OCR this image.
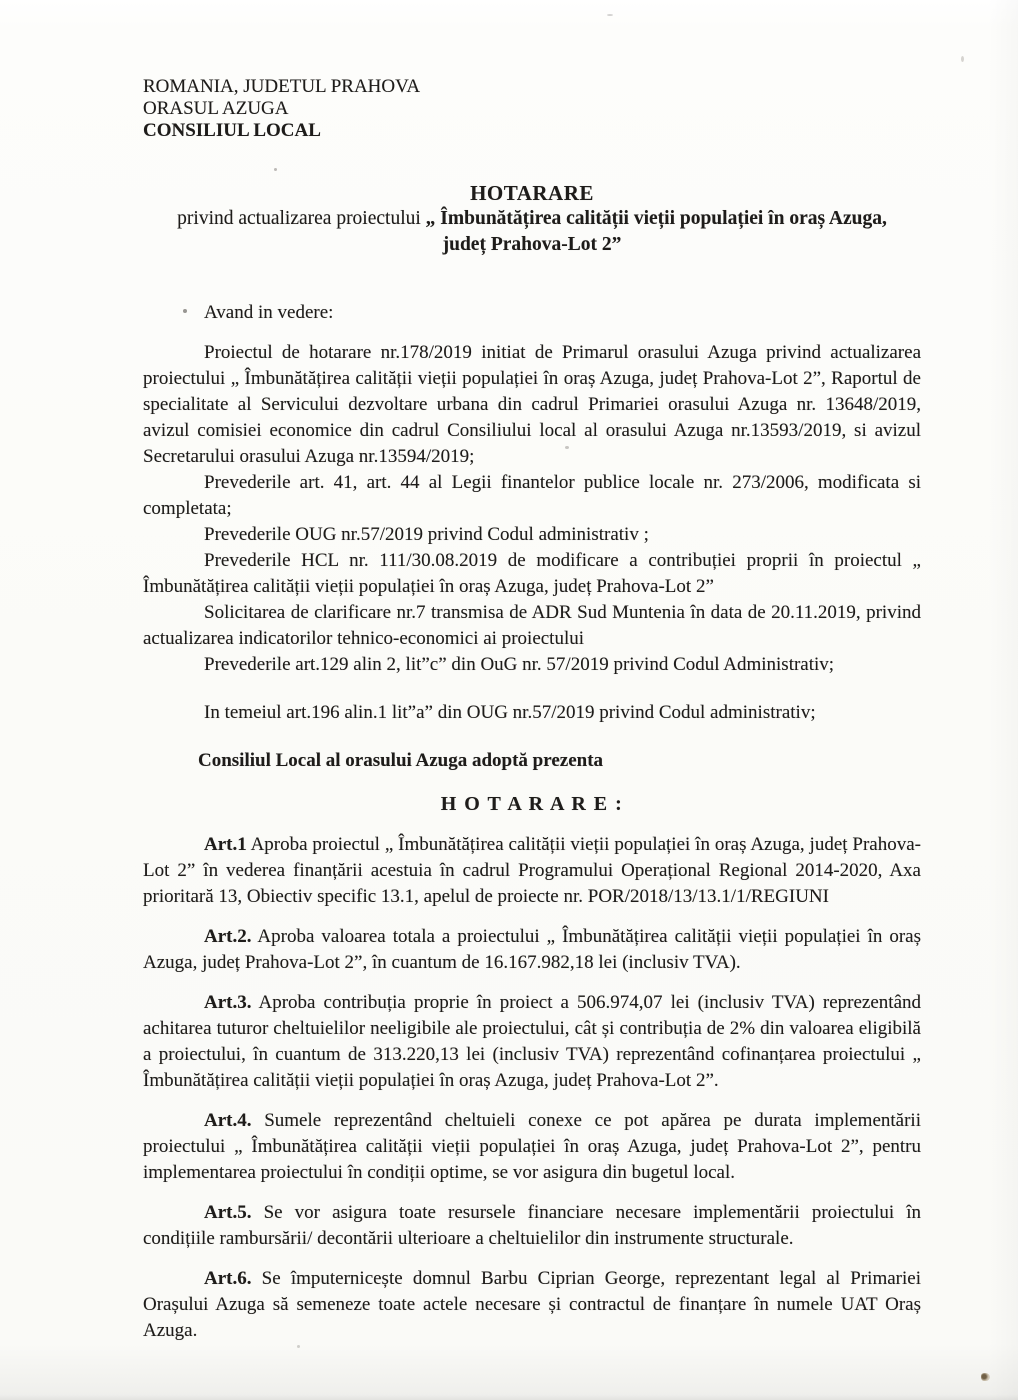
ROMANIA, JUDETUL PRAHOVA

ORASUL AZUGA

CONSILIUL LOCAL

HOTARARE

privind actualizarea proiectului „ Îmbunătățirea calității vieții populației în oraș Azuga,

județ Prahova-Lot 2”

Avand in vedere:

Proiectul de hotarare nr.178/2019 initiat de Primarul orasului Azuga privind actualizarea proiectului „ Îmbunătățirea calității vieții populației în oraș Azuga, județ Prahova-Lot 2”, Raportul de specialitate al Servicului dezvoltare urbana din cadrul Primariei orasului Azuga nr. 13648/2019, avizul comisiei economice din cadrul Consiliului local al orasului Azuga nr.13593/2019, si avizul Secretarului orasului Azuga nr.13594/2019;

Prevederile art. 41, art. 44 al Legii finantelor publice locale nr. 273/2006, modificata si completata;

Prevederile OUG nr.57/2019 privind Codul administrativ ;

Prevederile HCL nr. 111/30.08.2019 de modificare a contribuției proprii în proiectul „ Îmbunătățirea calității vieții populației în oraș Azuga, județ Prahova-Lot 2”

Solicitarea de clarificare nr.7 transmisa de ADR Sud Muntenia în data de 20.11.2019, privind actualizarea indicatorilor tehnico-economici ai proiectului

Prevederile art.129 alin 2, lit”c” din OuG nr. 57/2019 privind Codul Administrativ;

In temeiul art.196 alin.1 lit”a” din OUG nr.57/2019 privind Codul administrativ;

Consiliul Local al orasului Azuga adoptă prezenta

H O T A R A R E :

Art.1 Aproba proiectul „ Îmbunătățirea calității vieții populației în oraș Azuga, județ Prahova-Lot 2” în vederea finanțării acestuia în cadrul Programului Operațional Regional 2014-2020, Axa prioritară 13, Obiectiv specific 13.1, apelul de proiecte nr. POR/2018/13/13.1/1/REGIUNI

Art.2. Aproba valoarea totala a proiectului „ Îmbunătățirea calității vieții populației în oraș Azuga, județ Prahova-Lot 2”, în cuantum de 16.167.982,18 lei (inclusiv TVA).

Art.3. Aproba contribuția proprie în proiect a 506.974,07 lei (inclusiv TVA) reprezentând achitarea tuturor cheltuielilor neeligibile ale proiectului, cât și contribuția de 2% din valoarea eligibilă a proiectului, în cuantum de 313.220,13 lei (inclusiv TVA) reprezentând cofinanțarea proiectului „ Îmbunătățirea calității vieții populației în oraș Azuga, județ Prahova-Lot 2”.

Art.4. Sumele reprezentând cheltuieli conexe ce pot apărea pe durata implementării proiectului „ Îmbunătățirea calității vieții populației în oraș Azuga, județ Prahova-Lot 2”, pentru implementarea proiectului în condiții optime, se vor asigura din bugetul local.

Art.5. Se vor asigura toate resursele financiare necesare implementării proiectului în condițiile rambursării/ decontării ulterioare a cheltuielilor din instrumente structurale.

Art.6. Se împuternicește domnul Barbu Ciprian George, reprezentant legal al Primariei Orașului Azuga să semeneze toate actele necesare și contractul de finanțare în numele UAT Oraș Azuga.
